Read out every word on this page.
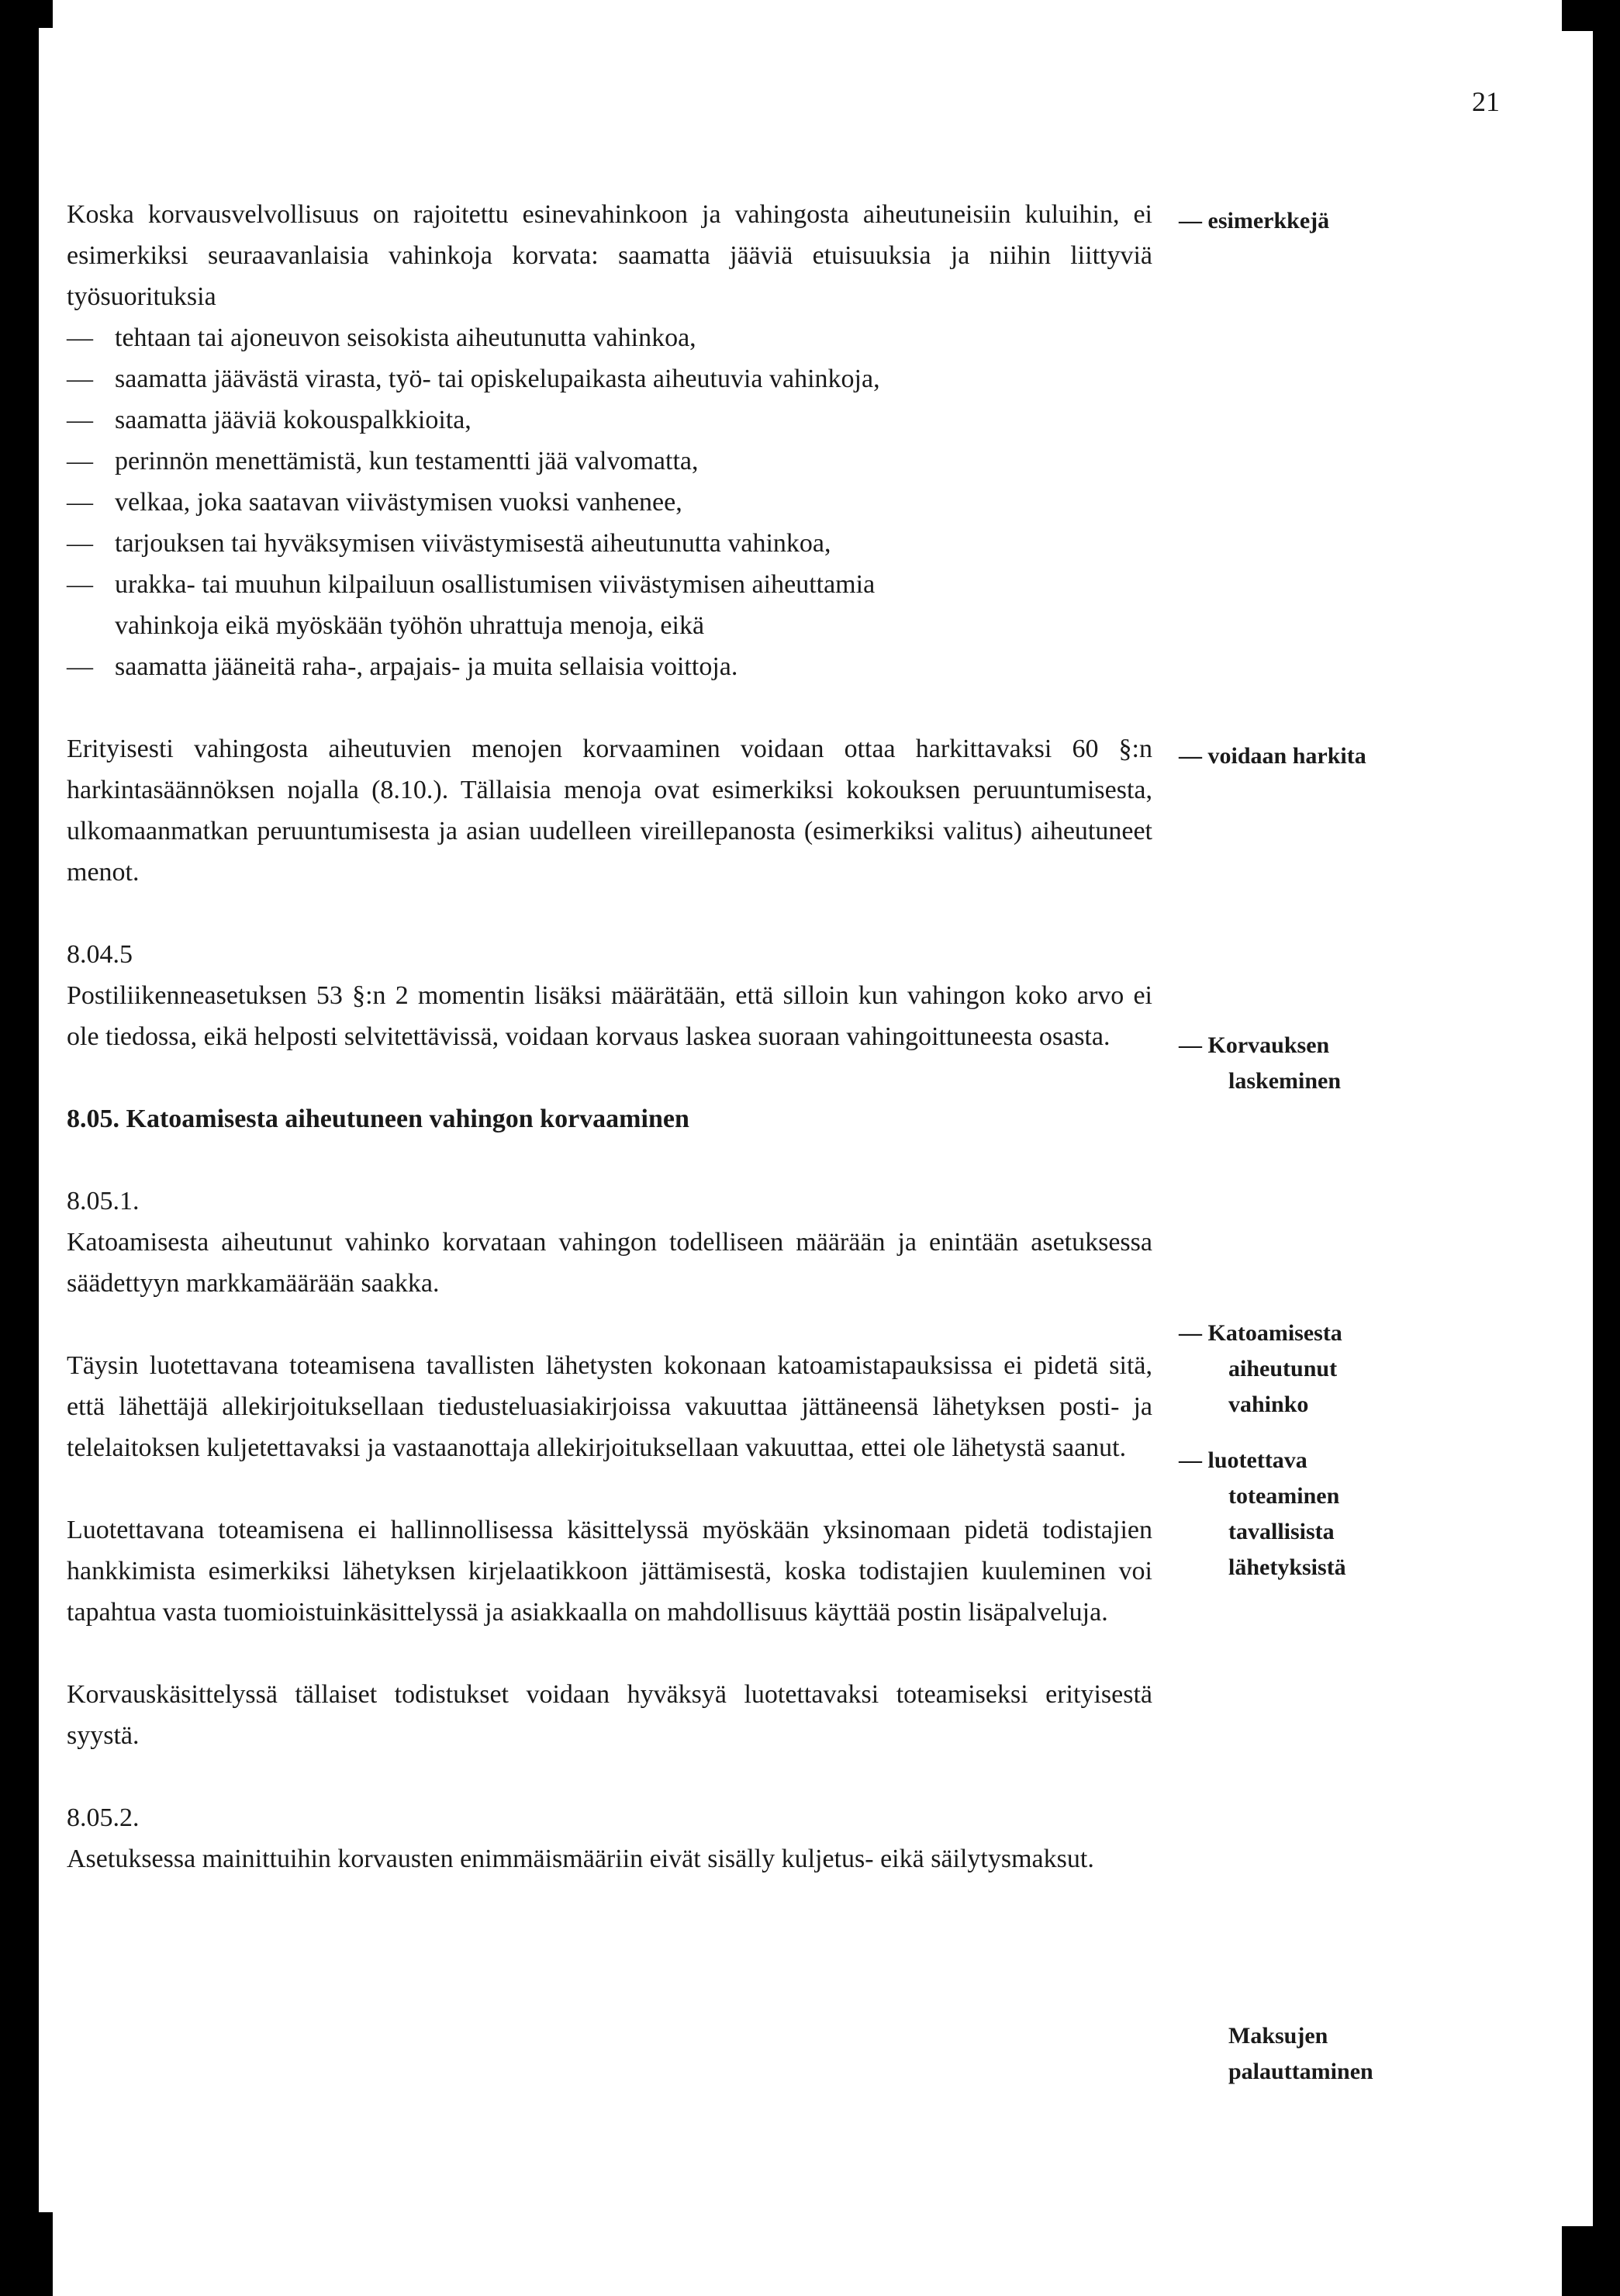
21

Koska korvausvelvollisuus on rajoitettu esinevahinkoon ja vahingosta aiheutuneisiin kuluihin, ei esimerkiksi seuraavanlaisia vahinkoja korvata: saamatta jääviä etuisuuksia ja niihin liittyviä työsuorituksia

— tehtaan tai ajoneuvon seisokista aiheutunutta vahinkoa,

— saamatta jäävästä virasta, työ- tai opiskelupaikasta aiheutuvia vahinkoja,

— saamatta jääviä kokouspalkkioita,

— perinnön menettämistä, kun testamentti jää valvomatta,

— velkaa, joka saatavan viivästymisen vuoksi vanhenee,

— tarjouksen tai hyväksymisen viivästymisestä aiheutunutta vahinkoa,

— urakka- tai muuhun kilpailuun osallistumisen viivästymisen aiheuttamia

vahinkoja eikä myöskään työhön uhrattuja menoja, eikä

— saamatta jääneitä raha-, arpajais- ja muita sellaisia voittoja.

Erityisesti vahingosta aiheutuvien menojen korvaaminen voidaan ottaa harkittavaksi 60 §:n harkintasäännöksen nojalla (8.10.). Tällaisia menoja ovat esimerkiksi kokouksen peruuntumisesta, ulkomaanmatkan peruuntumisesta ja asian uudelleen vireillepanosta (esimerkiksi valitus) aiheutuneet menot.

8.04.5

Postiliikenneasetuksen 53 §:n 2 momentin lisäksi määrätään, että silloin kun vahingon koko arvo ei ole tiedossa, eikä helposti selvitettävissä, voidaan korvaus laskea suoraan vahingoittuneesta osasta.

8.05. Katoamisesta aiheutuneen vahingon korvaaminen

8.05.1.

Katoamisesta aiheutunut vahinko korvataan vahingon todelliseen määrään ja enintään asetuksessa säädettyyn markkamäärään saakka.

Täysin luotettavana toteamisena tavallisten lähetysten kokonaan katoamistapauksissa ei pidetä sitä, että lähettäjä allekirjoituksellaan tiedusteluasiakirjoissa vakuuttaa jättäneensä lähetyksen posti- ja telelaitoksen kuljetettavaksi ja vastaanottaja allekirjoituksellaan vakuuttaa, ettei ole lähetystä saanut.

Luotettavana toteamisena ei hallinnollisessa käsittelyssä myöskään yksinomaan pidetä todistajien hankkimista esimerkiksi lähetyksen kirjelaatikkoon jättämisestä, koska todistajien kuuleminen voi tapahtua vasta tuomioistuinkäsittelyssä ja asiakkaalla on mahdollisuus käyttää postin lisäpalveluja.

Korvauskäsittelyssä tällaiset todistukset voidaan hyväksyä luotettavaksi toteamiseksi erityisestä syystä.

8.05.2.

Asetuksessa mainittuihin korvausten enimmäismääriin eivät sisälly kuljetus- eikä säilytysmaksut.

— esimerkkejä
— voidaan harkita
— Korvauksen
laskeminen
— Katoamisesta
aiheutunut
vahinko
— luotettava
toteaminen
tavallisista
lähetyksistä
Maksujen
palauttaminen
